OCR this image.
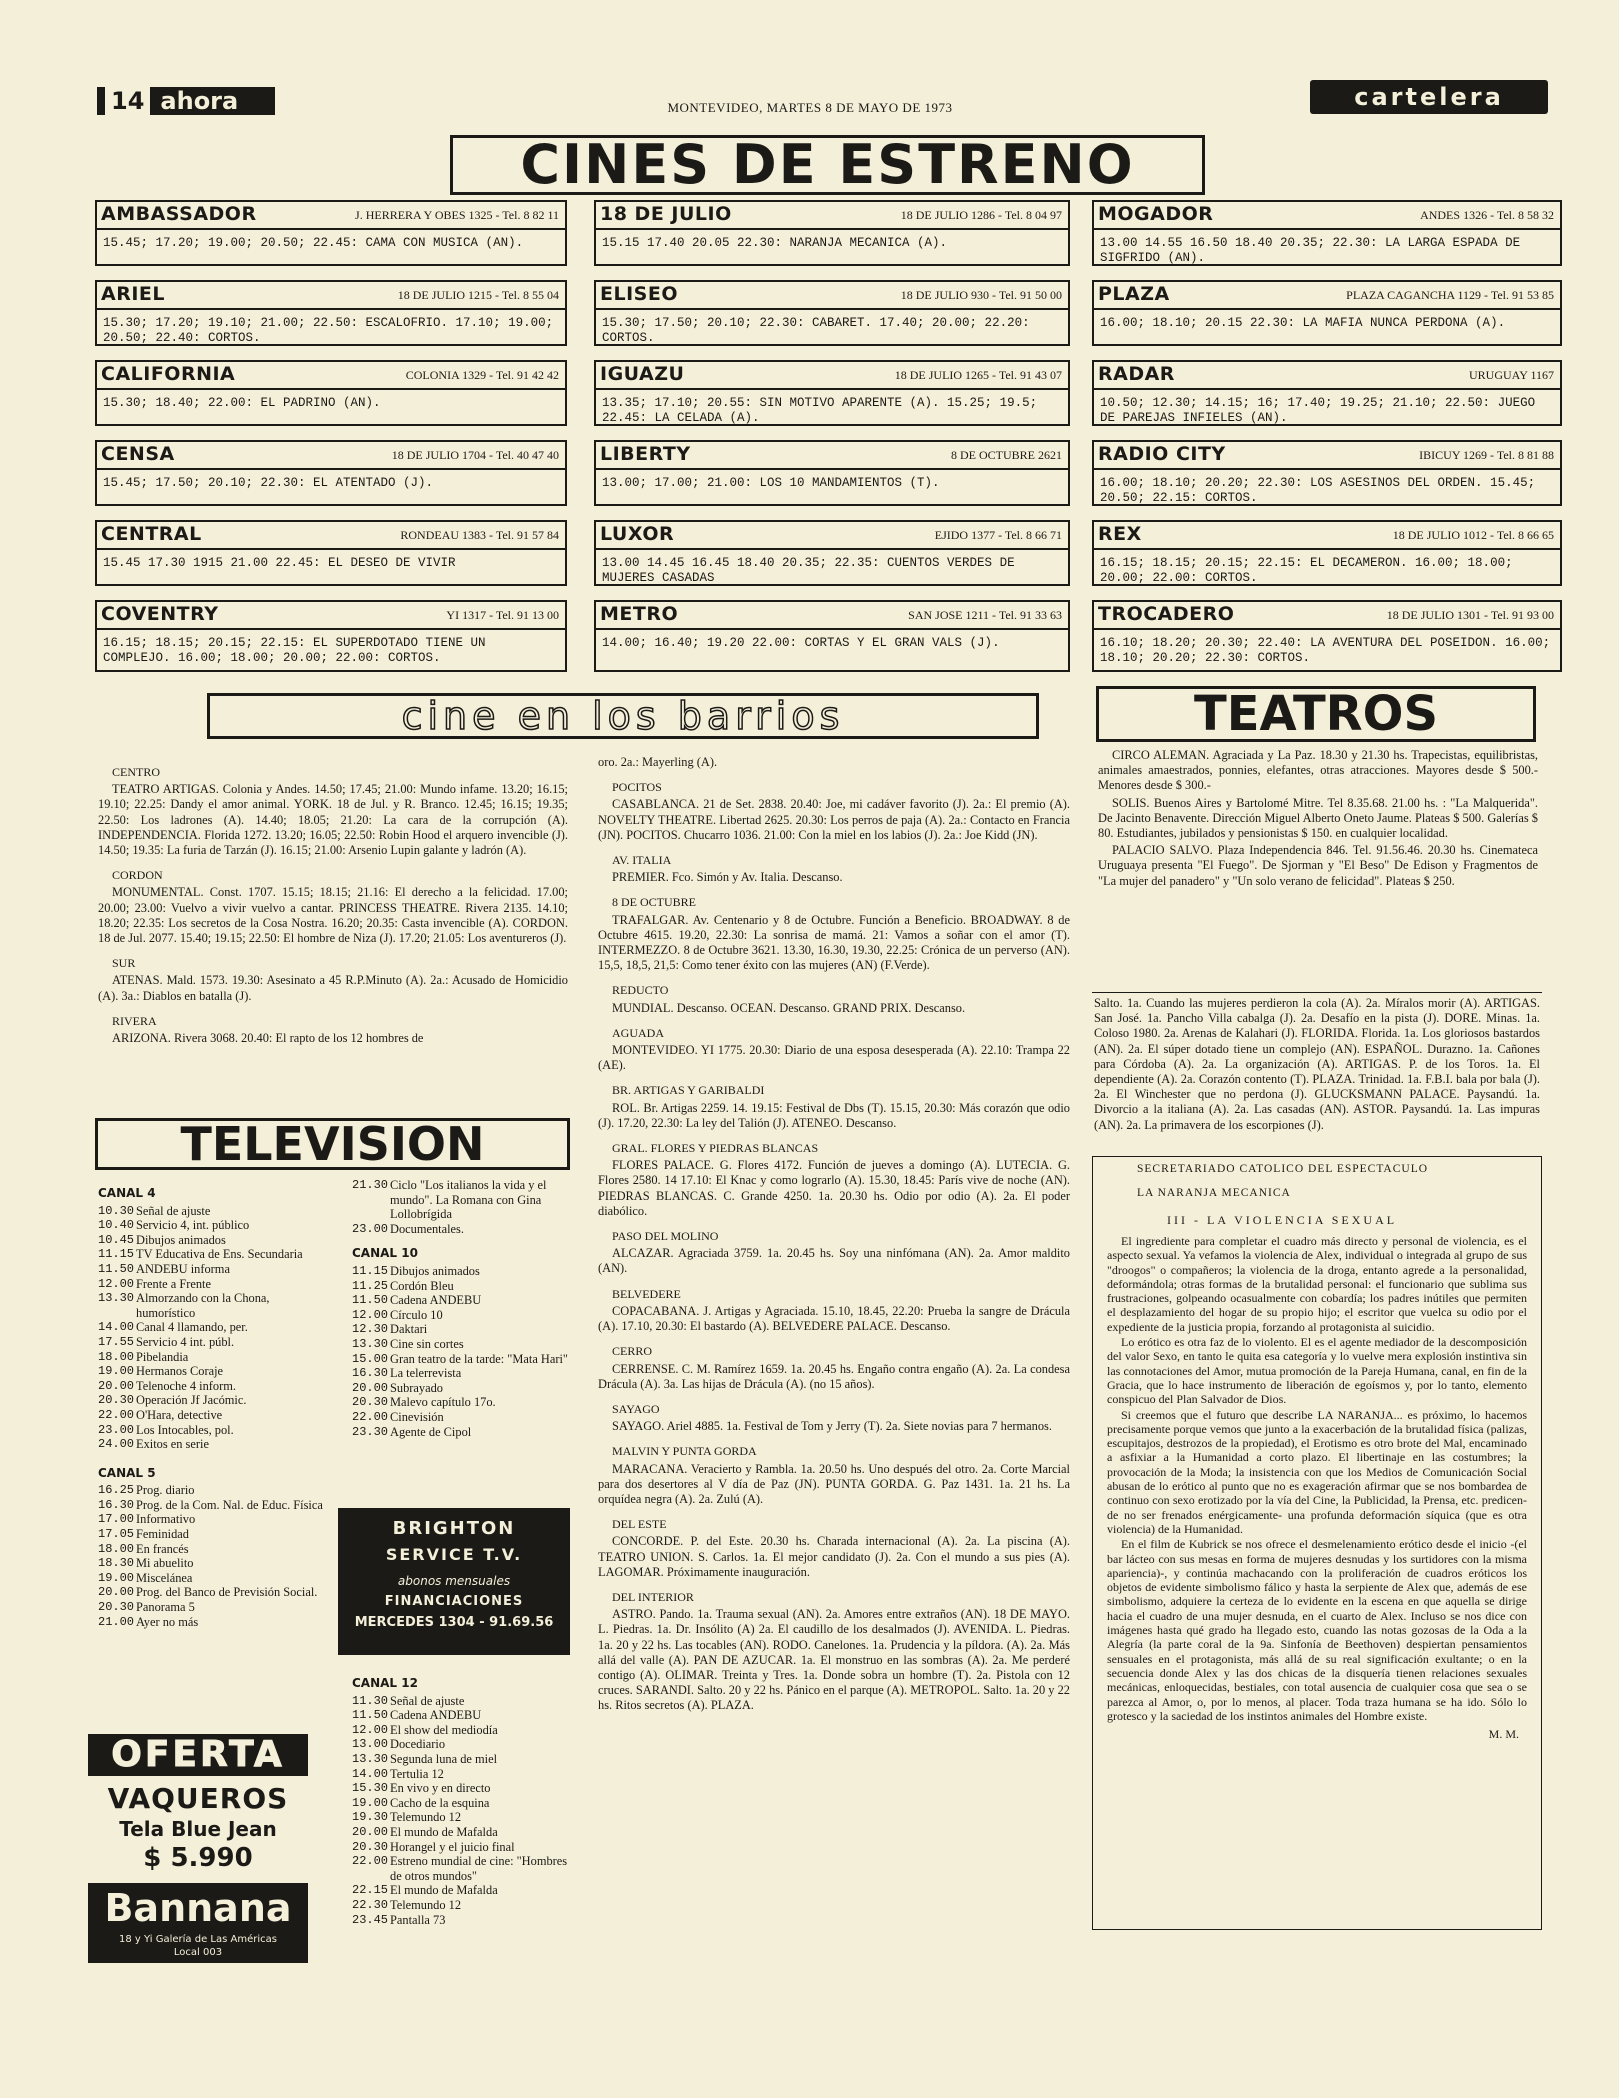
14 ahora	MONTEVIDEO, MARTES 8 DE MAYO DE 1973	cartelera
CINES DE ESTRENO
AMBASSADOR	J. HERRERA Y OBES 1325 - Tel. 8 82 11
15.45; 17.20; 19.00; 20.50; 22.45: CAMA CON MUSICA (AN).
ARIEL	18 DE JULIO 1215 - Tel. 8 55 04
15.30; 17.20; 19.10; 21.00; 22.50: ESCALOFRIO. 17.10; 19.00; 20.50; 22.40: CORTOS.
CALIFORNIA	COLONIA 1329 - Tel. 91 42 42
15.30; 18.40; 22.00: EL PADRINO (AN).
CENSA	18 DE JULIO 1704 - Tel. 40 47 40
15.45; 17.50; 20.10; 22.30: EL ATENTADO (J).
CENTRAL	RONDEAU 1383 - Tel. 91 57 84
15.45 17.30 1915 21.00 22.45: EL DESEO DE VIVIR
COVENTRY	YI 1317 - Tel. 91 13 00
16.15; 18.15; 20.15; 22.15: EL SUPERDOTADO TIENE UN COMPLEJO. 16.00; 18.00; 20.00; 22.00: CORTOS.
18 DE JULIO	18 DE JULIO 1286 - Tel. 8 04 97
15.15 17.40 20.05 22.30: NARANJA MECANICA (A).
ELISEO	18 DE JULIO 930 - Tel. 91 50 00
15.30; 17.50; 20.10; 22.30: CABARET. 17.40; 20.00; 22.20: CORTOS.
IGUAZU	18 DE JULIO 1265 - Tel. 91 43 07
13.35; 17.10; 20.55: SIN MOTIVO APARENTE (A). 15.25; 19.5; 22.45: LA CELADA (A).
LIBERTY	8 DE OCTUBRE 2621
13.00; 17.00; 21.00: LOS 10 MANDAMIENTOS (T).
LUXOR	EJIDO 1377 - Tel. 8 66 71
13.00 14.45 16.45 18.40 20.35; 22.35: CUENTOS VERDES DE MUJERES CASADAS
METRO	SAN JOSE 1211 - Tel. 91 33 63
14.00; 16.40; 19.20 22.00: CORTAS Y EL GRAN VALS (J).
MOGADOR	ANDES 1326 - Tel. 8 58 32
13.00 14.55 16.50 18.40 20.35; 22.30: LA LARGA ESPADA DE SIGFRIDO (AN).
PLAZA	PLAZA CAGANCHA 1129 - Tel. 91 53 85
16.00; 18.10; 20.15 22.30: LA MAFIA NUNCA PERDONA (A).
RADAR	URUGUAY 1167
10.50; 12.30; 14.15; 16; 17.40; 19.25; 21.10; 22.50: JUEGO DE PAREJAS INFIELES (AN).
RADIO CITY	IBICUY 1269 - Tel. 8 81 88
16.00; 18.10; 20.20; 22.30: LOS ASESINOS DEL ORDEN. 15.45; 20.50; 22.15: CORTOS.
REX	18 DE JULIO 1012 - Tel. 8 66 65
16.15; 18.15; 20.15; 22.15: EL DECAMERON. 16.00; 18.00; 20.00; 22.00: CORTOS.
TROCADERO	18 DE JULIO 1301 - Tel. 91 93 00
16.10; 18.20; 20.30; 22.40: LA AVENTURA DEL POSEIDON. 16.00; 18.10; 20.20; 22.30: CORTOS.
cine en los barrios

CENTRO

TEATRO ARTIGAS. Colonia y Andes. 14.50; 17.45; 21.00: Mundo infame. 13.20; 16.15; 19.10; 22.25: Dandy el amor animal. YORK. 18 de Jul. y R. Branco. 12.45; 16.15; 19.35; 22.50: Los ladrones (A). 14.40; 18.05; 21.20: La cara de la corrupción (A). INDEPENDENCIA. Florida 1272. 13.20; 16.05; 22.50: Robin Hood el arquero invencible (J). 14.50; 19.35: La furia de Tarzán (J). 16.15; 21.00: Arsenio Lupin galante y ladrón (A).

CORDON

MONUMENTAL. Const. 1707. 15.15; 18.15; 21.16: El derecho a la felicidad. 17.00; 20.00; 23.00: Vuelvo a vivir vuelvo a cantar. PRINCESS THEATRE. Rivera 2135. 14.10; 18.20; 22.35: Los secretos de la Cosa Nostra. 16.20; 20.35: Casta invencible (A). CORDON. 18 de Jul. 2077. 15.40; 19.15; 22.50: El hombre de Niza (J). 17.20; 21.05: Los aventureros (J).

SUR

ATENAS. Mald. 1573. 19.30: Asesinato a 45 R.P.Minuto (A). 2a.: Acusado de Homicidio (A). 3a.: Diablos en batalla (J).

RIVERA

ARIZONA. Rivera 3068. 20.40: El rapto de los 12 hombres de

oro. 2a.: Mayerling (A).

POCITOS

CASABLANCA. 21 de Set. 2838. 20.40: Joe, mi cadáver favorito (J). 2a.: El premio (A). NOVELTY THEATRE. Libertad 2625. 20.30: Los perros de paja (A). 2a.: Contacto en Francia (JN). POCITOS. Chucarro 1036. 21.00: Con la miel en los labios (J). 2a.: Joe Kidd (JN).

AV. ITALIA

PREMIER. Fco. Simón y Av. Italia. Descanso.

8 DE OCTUBRE

TRAFALGAR. Av. Centenario y 8 de Octubre. Función a Beneficio. BROADWAY. 8 de Octubre 4615. 19.20, 22.30: La sonrisa de mamá. 21: Vamos a soñar con el amor (T). INTERMEZZO. 8 de Octubre 3621. 13.30, 16.30, 19.30, 22.25: Crónica de un perverso (AN). 15,5, 18,5, 21,5: Como tener éxito con las mujeres (AN) (F.Verde).

REDUCTO

MUNDIAL. Descanso. OCEAN. Descanso. GRAND PRIX. Descanso.

AGUADA

MONTEVIDEO. YI 1775. 20.30: Diario de una esposa desesperada (A). 22.10: Trampa 22 (AE).

BR. ARTIGAS Y GARIBALDI

ROL. Br. Artigas 2259. 14. 19.15: Festival de Dbs (T). 15.15, 20.30: Más corazón que odio (J). 17.20, 22.30: La ley del Talión (J). ATENEO. Descanso.

GRAL. FLORES Y PIEDRAS BLANCAS

FLORES PALACE. G. Flores 4172. Función de jueves a domingo (A). LUTECIA. G. Flores 2580. 14 17.10: El Knac y como lograrlo (A). 15.30, 18.45: París vive de noche (AN). PIEDRAS BLANCAS. C. Grande 4250. 1a. 20.30 hs. Odio por odio (A). 2a. El poder diabólico.

PASO DEL MOLINO

ALCAZAR. Agraciada 3759. 1a. 20.45 hs. Soy una ninfómana (AN). 2a. Amor maldito (AN).

BELVEDERE

COPACABANA. J. Artigas y Agraciada. 15.10, 18.45, 22.20: Prueba la sangre de Drácula (A). 17.10, 20.30: El bastardo (A). BELVEDERE PALACE. Descanso.

CERRO

CERRENSE. C. M. Ramírez 1659. 1a. 20.45 hs. Engaño contra engaño (A). 2a. La condesa Drácula (A). 3a. Las hijas de Drácula (A). (no 15 años).

SAYAGO

SAYAGO. Ariel 4885. 1a. Festival de Tom y Jerry (T). 2a. Siete novias para 7 hermanos.

MALVIN Y PUNTA GORDA

MARACANA. Veracierto y Rambla. 1a. 20.50 hs. Uno después del otro. 2a. Corte Marcial para dos desertores al V día de Paz (JN). PUNTA GORDA. G. Paz 1431. 1a. 21 hs. La orquídea negra (A). 2a. Zulú (A).

DEL ESTE

CONCORDE. P. del Este. 20.30 hs. Charada internacional (A). 2a. La piscina (A). TEATRO UNION. S. Carlos. 1a. El mejor candidato (J). 2a. Con el mundo a sus pies (A). LAGOMAR. Próximamente inauguración.

DEL INTERIOR

ASTRO. Pando. 1a. Trauma sexual (AN). 2a. Amores entre extraños (AN). 18 DE MAYO. L. Piedras. 1a. Dr. Insólito (A) 2a. El caudillo de los desalmados (J). AVENIDA. L. Piedras. 1a. 20 y 22 hs. Las tocables (AN). RODO. Canelones. 1a. Prudencia y la píldora. (A). 2a. Más allá del valle (A). PAN DE AZUCAR. 1a. El monstruo en las sombras (A). 2a. Me perderé contigo (A). OLIMAR. Treinta y Tres. 1a. Donde sobra un hombre (T). 2a. Pistola con 12 cruces. SARANDI. Salto. 20 y 22 hs. Pánico en el parque (A). METROPOL. Salto. 1a. 20 y 22 hs. Ritos secretos (A). PLAZA.

Salto. 1a. Cuando las mujeres perdieron la cola (A). 2a. Míralos morir (A). ARTIGAS. San José. 1a. Pancho Villa cabalga (J). 2a. Desafío en la pista (J). DORE. Minas. 1a. Coloso 1980. 2a. Arenas de Kalahari (J). FLORIDA. Florida. 1a. Los gloriosos bastardos (AN). 2a. El súper dotado tiene un complejo (AN). ESPAÑOL. Durazno. 1a. Cañones para Córdoba (A). 2a. La organización (A). ARTIGAS. P. de los Toros. 1a. El dependiente (A). 2a. Corazón contento (T). PLAZA. Trinidad. 1a. F.B.I. bala por bala (J). 2a. El Winchester que no perdona (J). GLUCKSMANN PALACE. Paysandú. 1a. Divorcio a la italiana (A). 2a. Las casadas (AN). ASTOR. Paysandú. 1a. Las impuras (AN). 2a. La primavera de los escorpiones (J).

TEATROS

CIRCO ALEMAN. Agraciada y La Paz. 18.30 y 21.30 hs. Trapecistas, equilibristas, animales amaestrados, ponnies, elefantes, otras atracciones. Mayores desde $ 500.- Menores desde $ 300.-

SOLIS. Buenos Aires y Bartolomé Mitre. Tel 8.35.68. 21.00 hs. : "La Malquerida". De Jacinto Benavente. Dirección Miguel Alberto Oneto Jaume. Plateas $ 500. Galerías $ 80. Estudiantes, jubilados y pensionistas $ 150. en cualquier localidad.

PALACIO SALVO. Plaza Independencia 846. Tel. 91.56.46. 20.30 hs. Cinemateca Uruguaya presenta "El Fuego". De Sjorman y "El Beso" De Edison y Fragmentos de "La mujer del panadero" y "Un solo verano de felicidad". Plateas $ 250.

TELEVISION
CANAL 4
10.30 Señal de ajuste
10.40 Servicio 4, int. público
10.45 Dibujos animados
11.15 TV Educativa de Ens. Secundaria
11.50 ANDEBU informa
12.00 Frente a Frente
13.30 Almorzando con la Chona, humorístico
14.00 Canal 4 llamando, per.
17.55 Servicio 4 int. públ.
18.00 Pibelandia
19.00 Hermanos Coraje
20.00 Telenoche 4 inform.
20.30 Operación Jf Jacómic.
22.00 O'Hara, detective
23.00 Los Intocables, pol.
24.00 Exitos en serie
CANAL 5
16.25 Prog. diario
16.30 Prog. de la Com. Nal. de Educ. Física
17.00 Informativo
17.05 Feminidad
18.00 En francés
18.30 Mi abuelito
19.00 Miscelánea
20.00 Prog. del Banco de Previsión Social.
20.30 Panorama 5
21.00 Ayer no más
21.30 Ciclo "Los italianos la vida y el mundo". La Romana con Gina Lollobrígida
23.00 Documentales.
CANAL 10
11.15 Dibujos animados
11.25 Cordón Bleu
11.50 Cadena ANDEBU
12.00 Círculo 10
12.30 Daktari
13.30 Cine sin cortes
15.00 Gran teatro de la tarde: "Mata Hari"
16.30 La telerrevista
20.00 Subrayado
20.30 Malevo capítulo 17o.
22.00 Cinevisión
23.30 Agente de Cipol
CANAL 12
11.30 Señal de ajuste
11.50 Cadena ANDEBU
12.00 El show del mediodía
13.00 Docediario
13.30 Segunda luna de miel
14.00 Tertulia 12
15.30 En vivo y en directo
19.00 Cacho de la esquina
19.30 Telemundo 12
20.00 El mundo de Mafalda
20.30 Horangel y el juicio final
22.00 Estreno mundial de cine: "Hombres de otros mundos"
22.15 El mundo de Mafalda
22.30 Telemundo 12
23.45 Pantalla 73
BRIGHTON
SERVICE T.V.
abonos mensuales
FINANCIACIONES
MERCEDES 1304 - 91.69.56
OFERTA
VAQUEROS
Tela Blue Jean
$ 5.990
Bannana
18 y Yi Galería de Las Américas
Local 003
SECRETARIADO CATOLICO DEL ESPECTACULO
LA NARANJA MECANICA
III - LA VIOLENCIA SEXUAL

El ingrediente para completar el cuadro más directo y personal de violencia, es el aspecto sexual. Ya vefamos la violencia de Alex, individual o integrada al grupo de sus "droogos" o compañeros; la violencia de la droga, entanto agrede a la personalidad, deformándola; otras formas de la brutalidad personal: el funcionario que sublima sus frustraciones, golpeando ocasualmente con cobardía; los padres inútiles que permiten el desplazamiento del hogar de su propio hijo; el escritor que vuelca su odio por el expediente de la justicia propia, forzando al protagonista al suicidio.

Lo erótico es otra faz de lo violento. El es el agente mediador de la descomposición del valor Sexo, en tanto le quita esa categoría y lo vuelve mera explosión instintiva sin las connotaciones del Amor, mutua promoción de la Pareja Humana, canal, en fin de la Gracia, que lo hace instrumento de liberación de egoísmos y, por lo tanto, elemento conspicuo del Plan Salvador de Dios.

Si creemos que el futuro que describe LA NARANJA... es próximo, lo hacemos precisamente porque vemos que junto a la exacerbación de la brutalidad física (palizas, escupitajos, destrozos de la propiedad), el Erotismo es otro brote del Mal, encaminado a asfixiar a la Humanidad a corto plazo. El libertinaje en las costumbres; la provocación de la Moda; la insistencia con que los Medios de Comunicación Social abusan de lo erótico al punto que no es exageración afirmar que se nos bombardea de continuo con sexo erotizado por la vía del Cine, la Publicidad, la Prensa, etc. predicen-de no ser frenados enérgicamente- una profunda deformación síquica (que es otra violencia) de la Humanidad.

En el film de Kubrick se nos ofrece el desmelenamiento erótico desde el inicio -(el bar lácteo con sus mesas en forma de mujeres desnudas y los surtidores con la misma apariencia)-, y continúa machacando con la proliferación de cuadros eróticos los objetos de evidente simbolismo fálico y hasta la serpiente de Alex que, además de ese simbolismo, adquiere la certeza de lo evidente en la escena en que aquella se dirige hacia el cuadro de una mujer desnuda, en el cuarto de Alex. Incluso se nos dice con imágenes hasta qué grado ha llegado esto, cuando las notas gozosas de la Oda a la Alegría (la parte coral de la 9a. Sinfonía de Beethoven) despiertan pensamientos sensuales en el protagonista, más allá de su real significación exultante; o en la secuencia donde Alex y las dos chicas de la disquería tienen relaciones sexuales mecánicas, enloquecidas, bestiales, con total ausencia de cualquier cosa que sea o se parezca al Amor, o, por lo menos, al placer. Toda traza humana se ha ido. Sólo lo grotesco y la saciedad de los instintos animales del Hombre existe.

M. M.
